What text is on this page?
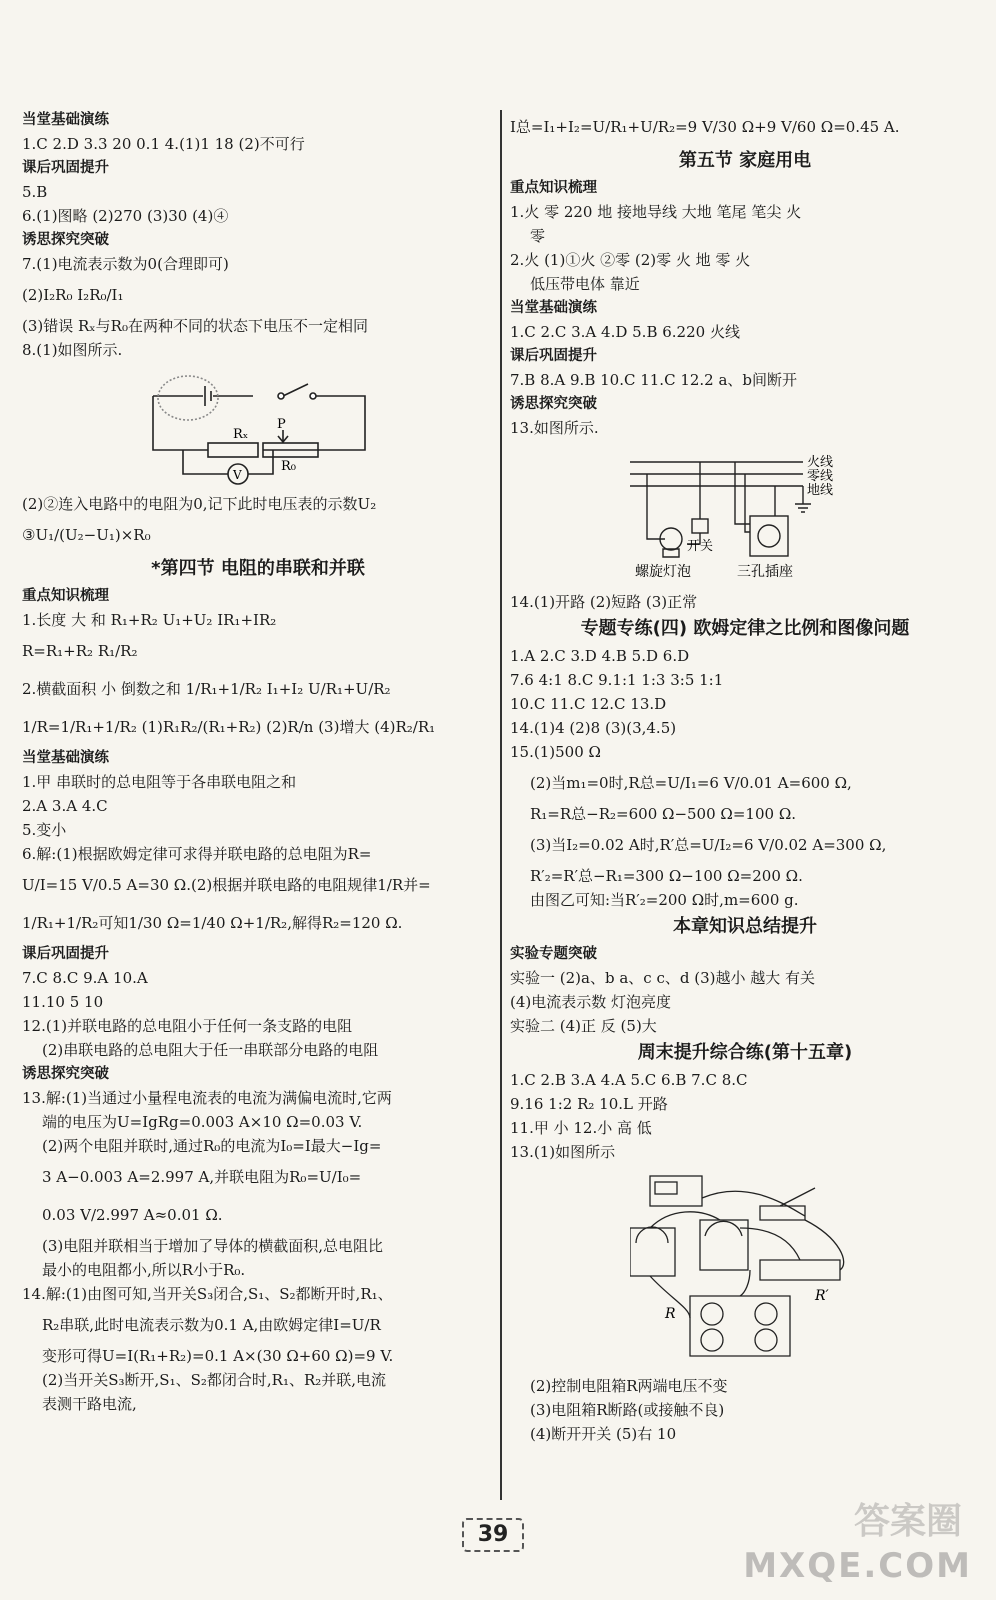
当堂基础演练
1.C 2.D 3.3 20 0.1 4.(1)1 18 (2)不可行
课后巩固提升
5.B
6.(1)图略 (2)270 (3)30 (4)④
诱思探究突破
7.(1)电流表示数为0(合理即可)
(2)I₂R₀ I₂R₀/I₁
(3)错误 Rₓ与R₀在两种不同的状态下电压不一定相同
8.(1)如图所示.
Rₓ
P
R₀
V
(2)②连入电路中的电阻为0,记下此时电压表的示数U₂
③U₁/(U₂−U₁)×R₀
*第四节 电阻的串联和并联
重点知识梳理
1.长度 大 和 R₁+R₂ U₁+U₂ IR₁+IR₂
R=R₁+R₂ R₁/R₂
2.横截面积 小 倒数之和 1/R₁+1/R₂ I₁+I₂ U/R₁+U/R₂
1/R=1/R₁+1/R₂ (1)R₁R₂/(R₁+R₂) (2)R/n (3)增大 (4)R₂/R₁
当堂基础演练
1.甲 串联时的总电阻等于各串联电阻之和
2.A 3.A 4.C
5.变小
6.解:(1)根据欧姆定律可求得并联电路的总电阻为R=
U/I=15 V/0.5 A=30 Ω.(2)根据并联电路的电阻规律1/R并=
1/R₁+1/R₂可知1/30 Ω=1/40 Ω+1/R₂,解得R₂=120 Ω.
课后巩固提升
7.C 8.C 9.A 10.A
11.10 5 10
12.(1)并联电路的总电阻小于任何一条支路的电阻
(2)串联电路的总电阻大于任一串联部分电路的电阻
诱思探究突破
13.解:(1)当通过小量程电流表的电流为满偏电流时,它两
端的电压为U=IgRg=0.003 A×10 Ω=0.03 V.
(2)两个电阻并联时,通过R₀的电流为I₀=I最大−Ig=
3 A−0.003 A=2.997 A,并联电阻为R₀=U/I₀=
0.03 V/2.997 A≈0.01 Ω.
(3)电阻并联相当于增加了导体的横截面积,总电阻比
最小的电阻都小,所以R小于R₀.
14.解:(1)由图可知,当开关S₃闭合,S₁、S₂都断开时,R₁、
R₂串联,此时电流表示数为0.1 A,由欧姆定律I=U/R
变形可得U=I(R₁+R₂)=0.1 A×(30 Ω+60 Ω)=9 V.
(2)当开关S₃断开,S₁、S₂都闭合时,R₁、R₂并联,电流
表测干路电流,
I总=I₁+I₂=U/R₁+U/R₂=9 V/30 Ω+9 V/60 Ω=0.45 A.
第五节 家庭用电
重点知识梳理
1.火 零 220 地 接地导线 大地 笔尾 笔尖 火
零
2.火 (1)①火 ②零 (2)零 火 地 零 火
低压带电体 靠近
当堂基础演练
1.C 2.C 3.A 4.D 5.B 6.220 火线
课后巩固提升
7.B 8.A 9.B 10.C 11.C 12.2 a、b间断开
诱思探究突破
13.如图所示.
火线
零线
地线
开关
螺旋灯泡	三孔插座
14.(1)开路 (2)短路 (3)正常
专题专练(四) 欧姆定律之比例和图像问题
1.A 2.C 3.D 4.B 5.D 6.D
7.6 4:1 8.C 9.1:1 1:3 3:5 1:1
10.C 11.C 12.C 13.D
14.(1)4 (2)8 (3)(3,4.5)
15.(1)500 Ω
(2)当m₁=0时,R总=U/I₁=6 V/0.01 A=600 Ω,
R₁=R总−R₂=600 Ω−500 Ω=100 Ω.
(3)当I₂=0.02 A时,R′总=U/I₂=6 V/0.02 A=300 Ω,
R′₂=R′总−R₁=300 Ω−100 Ω=200 Ω.
由图乙可知:当R′₂=200 Ω时,m=600 g.
本章知识总结提升
实验专题突破
实验一 (2)a、b a、c c、d (3)越小 越大 有关
(4)电流表示数 灯泡亮度
实验二 (4)正 反 (5)大
周末提升综合练(第十五章)
1.C 2.B 3.A 4.A 5.C 6.B 7.C 8.C
9.16 1:2 R₂ 10.L 开路
11.甲 小 12.小 高 低
13.(1)如图所示
R
R′
(2)控制电阻箱R两端电压不变
(3)电阻箱R断路(或接触不良)
(4)断开开关 (5)右 10
39	答案圈
MXQE.COM
